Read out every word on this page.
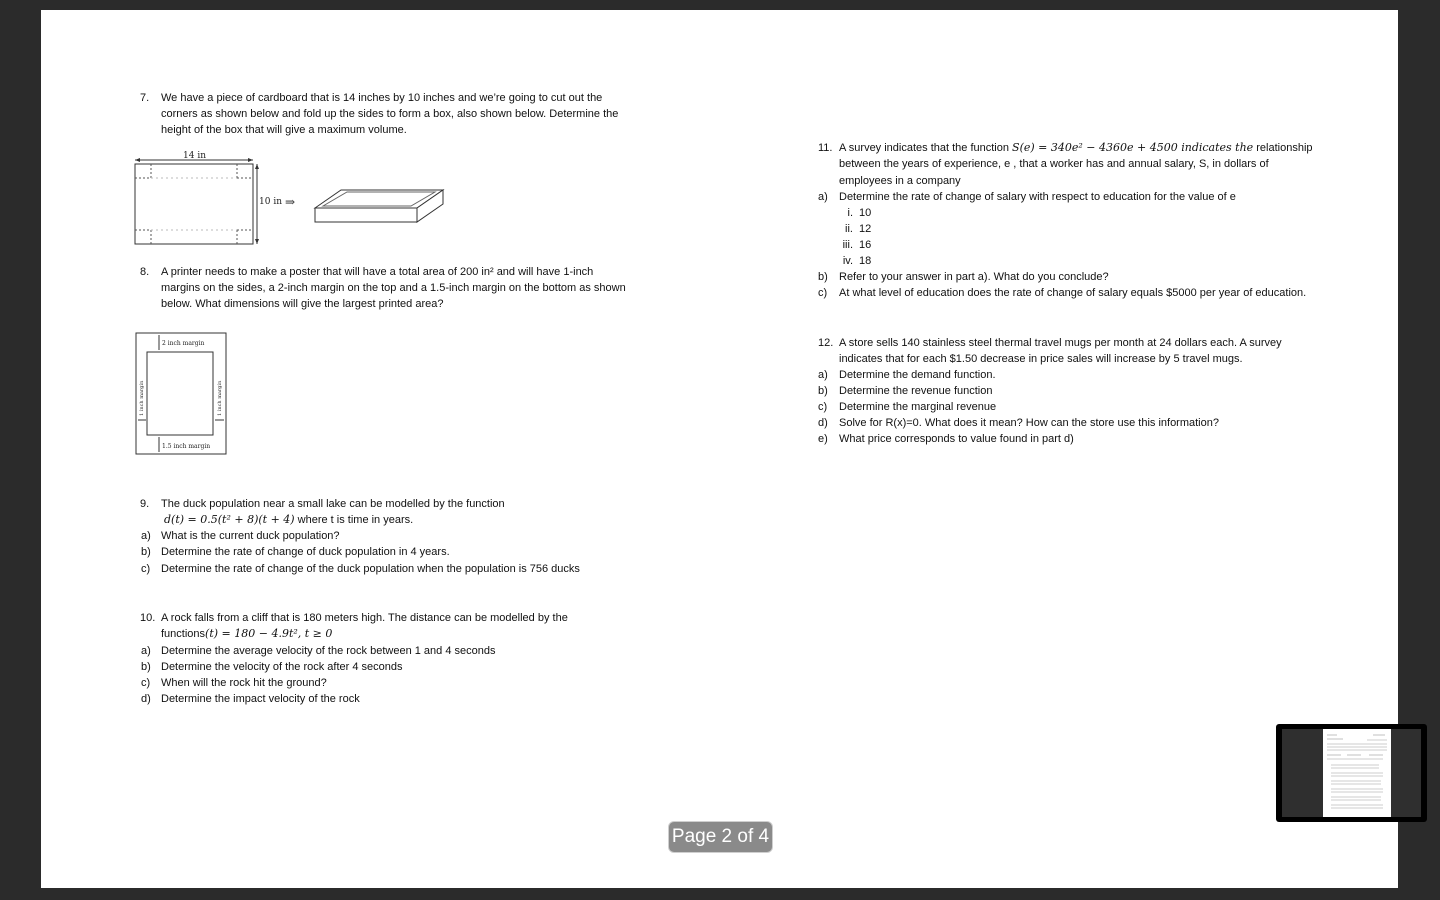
7. We have a piece of cardboard that is 14 inches by 10 inches and we’re going to cut out the
corners as shown below and fold up the sides to form a box, also shown below. Determine the
height of the box that will give a maximum volume.
14 in
10 in ⇒
8. A printer needs to make a poster that will have a total area of 200 in² and will have 1-inch
margins on the sides, a 2-inch margin on the top and a 1.5-inch margin on the bottom as shown
below. What dimensions will give the largest printed area?
2 inch margin
1.5 inch margin
1 inch margin	1 inch margin
9. The duck population near a small lake can be modelled by the function
d(t) = 0.5(t² + 8)(t + 4) where t is time in years.
a) What is the current duck population?
b) Determine the rate of change of duck population in 4 years.
c) Determine the rate of change of the duck population when the population is 756 ducks
10. A rock falls from a cliff that is 180 meters high. The distance can be modelled by the
functions(t) = 180 − 4.9t², t ≥ 0
a) Determine the average velocity of the rock between 1 and 4 seconds
b) Determine the velocity of the rock after 4 seconds
c) When will the rock hit the ground?
d) Determine the impact velocity of the rock
11. A survey indicates that the function S(e) = 340e² − 4360e + 4500 indicates the relationship
between the years of experience, e , that a worker has and annual salary, S, in dollars of
employees in a company
a) Determine the rate of change of salary with respect to education for the value of e
i. 10
ii. 12
iii. 16
iv. 18
b) Refer to your answer in part a). What do you conclude?
c) At what level of education does the rate of change of salary equals $5000 per year of education.
12. A store sells 140 stainless steel thermal travel mugs per month at 24 dollars each. A survey
indicates that for each $1.50 decrease in price sales will increase by 5 travel mugs.
a) Determine the demand function.
b) Determine the revenue function
c) Determine the marginal revenue
d) Solve for R(x)=0. What does it mean? How can the store use this information?
e) What price corresponds to value found in part d)
Page 2 of 4
